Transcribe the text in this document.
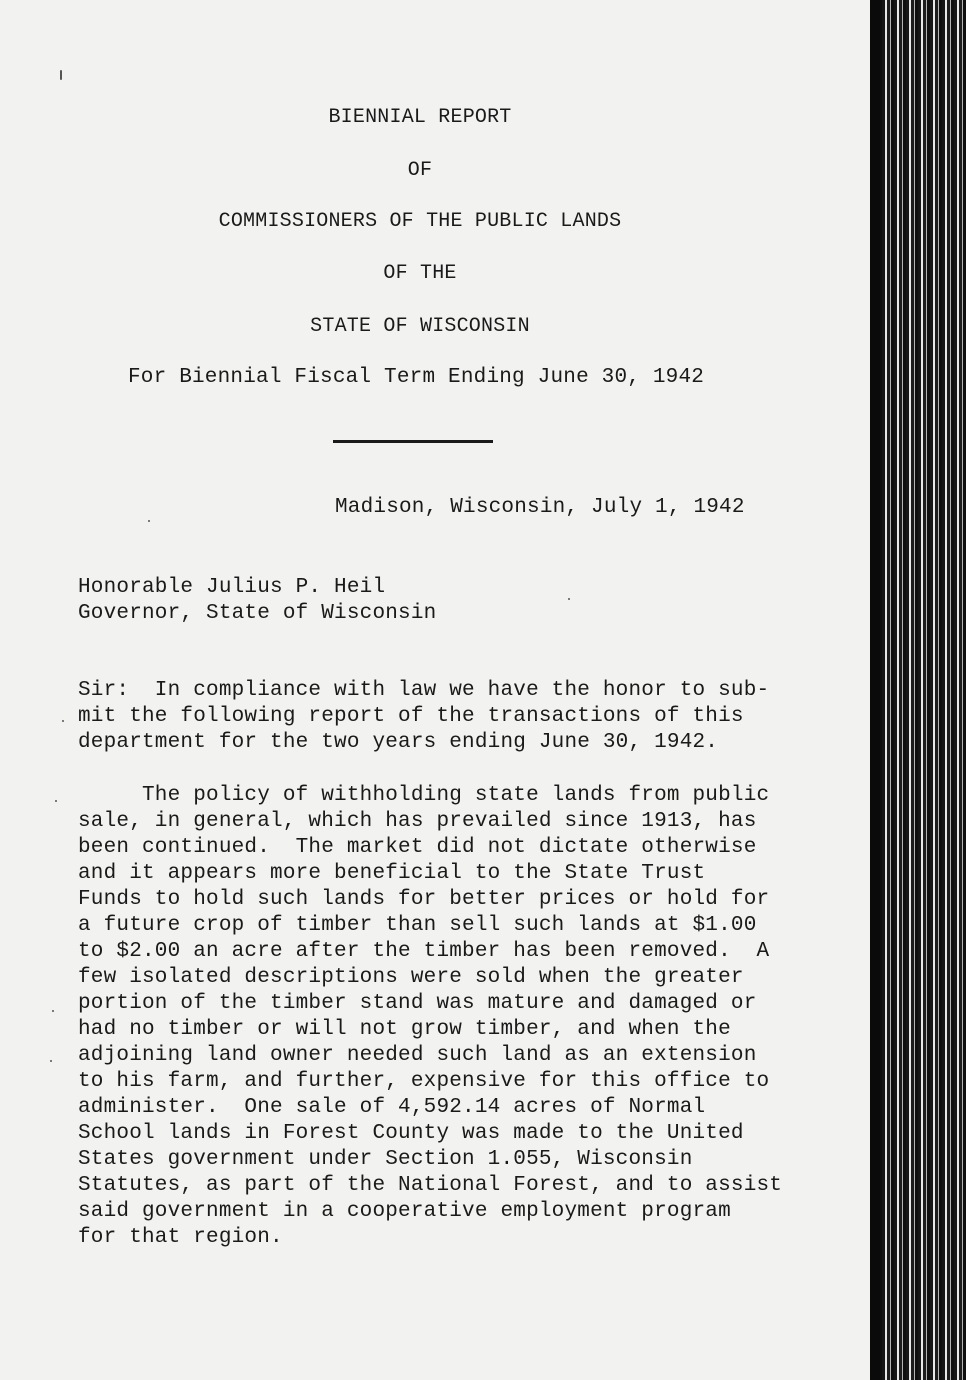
BIENNIAL REPORT
OF
COMMISSIONERS OF THE PUBLIC LANDS
OF THE
STATE OF WISCONSIN
For Biennial Fiscal Term Ending June 30, 1942
Madison, Wisconsin, July 1, 1942
Honorable Julius P. Heil
Governor, State of Wisconsin
Sir:  In compliance with law we have the honor to sub-
mit the following report of the transactions of this
department for the two years ending June 30, 1942.
The policy of withholding state lands from public
sale, in general, which has prevailed since 1913, has
been continued.  The market did not dictate otherwise
and it appears more beneficial to the State Trust
Funds to hold such lands for better prices or hold for
a future crop of timber than sell such lands at $1.00
to $2.00 an acre after the timber has been removed.  A
few isolated descriptions were sold when the greater
portion of the timber stand was mature and damaged or
had no timber or will not grow timber, and when the
adjoining land owner needed such land as an extension
to his farm, and further, expensive for this office to
administer.  One sale of 4,592.14 acres of Normal
School lands in Forest County was made to the United
States government under Section 1.055, Wisconsin
Statutes, as part of the National Forest, and to assist
said government in a cooperative employment program
for that region.
